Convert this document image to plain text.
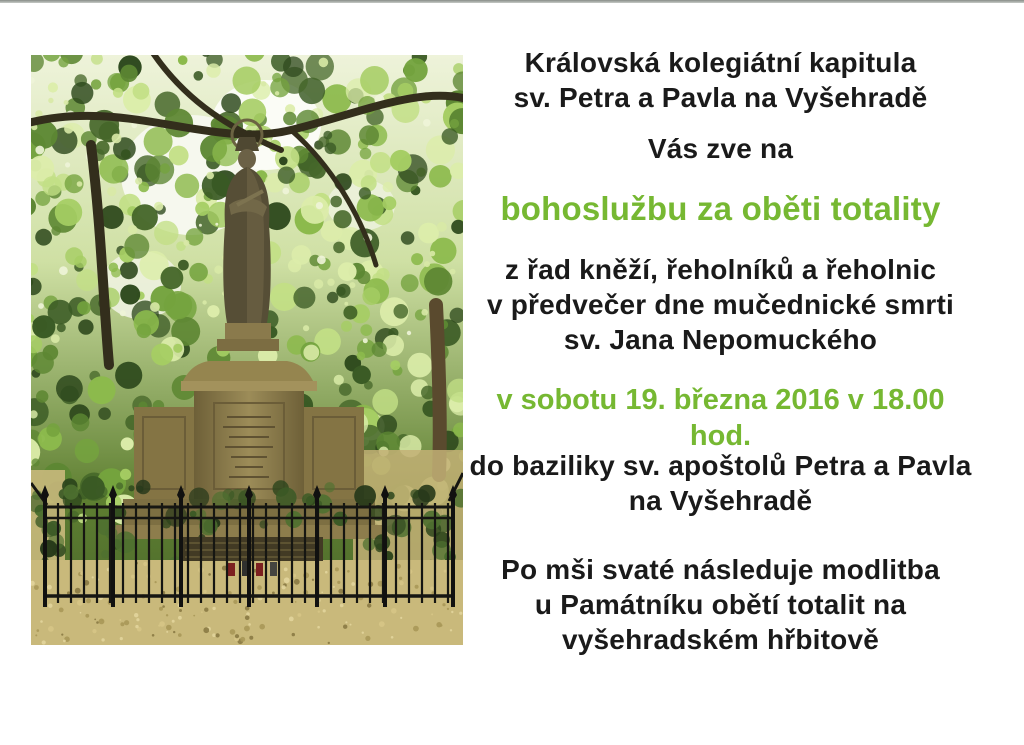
Královská kolegiátní kapitula
sv. Petra a Pavla na Vyšehradě
Vás zve na
bohoslužbu za oběti totality
z řad kněží, řeholníků a řeholnic
v předvečer dne mučednické smrti
sv. Jana Nepomuckého
v sobotu 19. března 2016 v 18.00 hod.
do baziliky sv. apoštolů Petra a Pavla
na Vyšehradě
Po mši svaté následuje modlitba
u Památníku obětí totalit na
vyšehradském hřbitově
